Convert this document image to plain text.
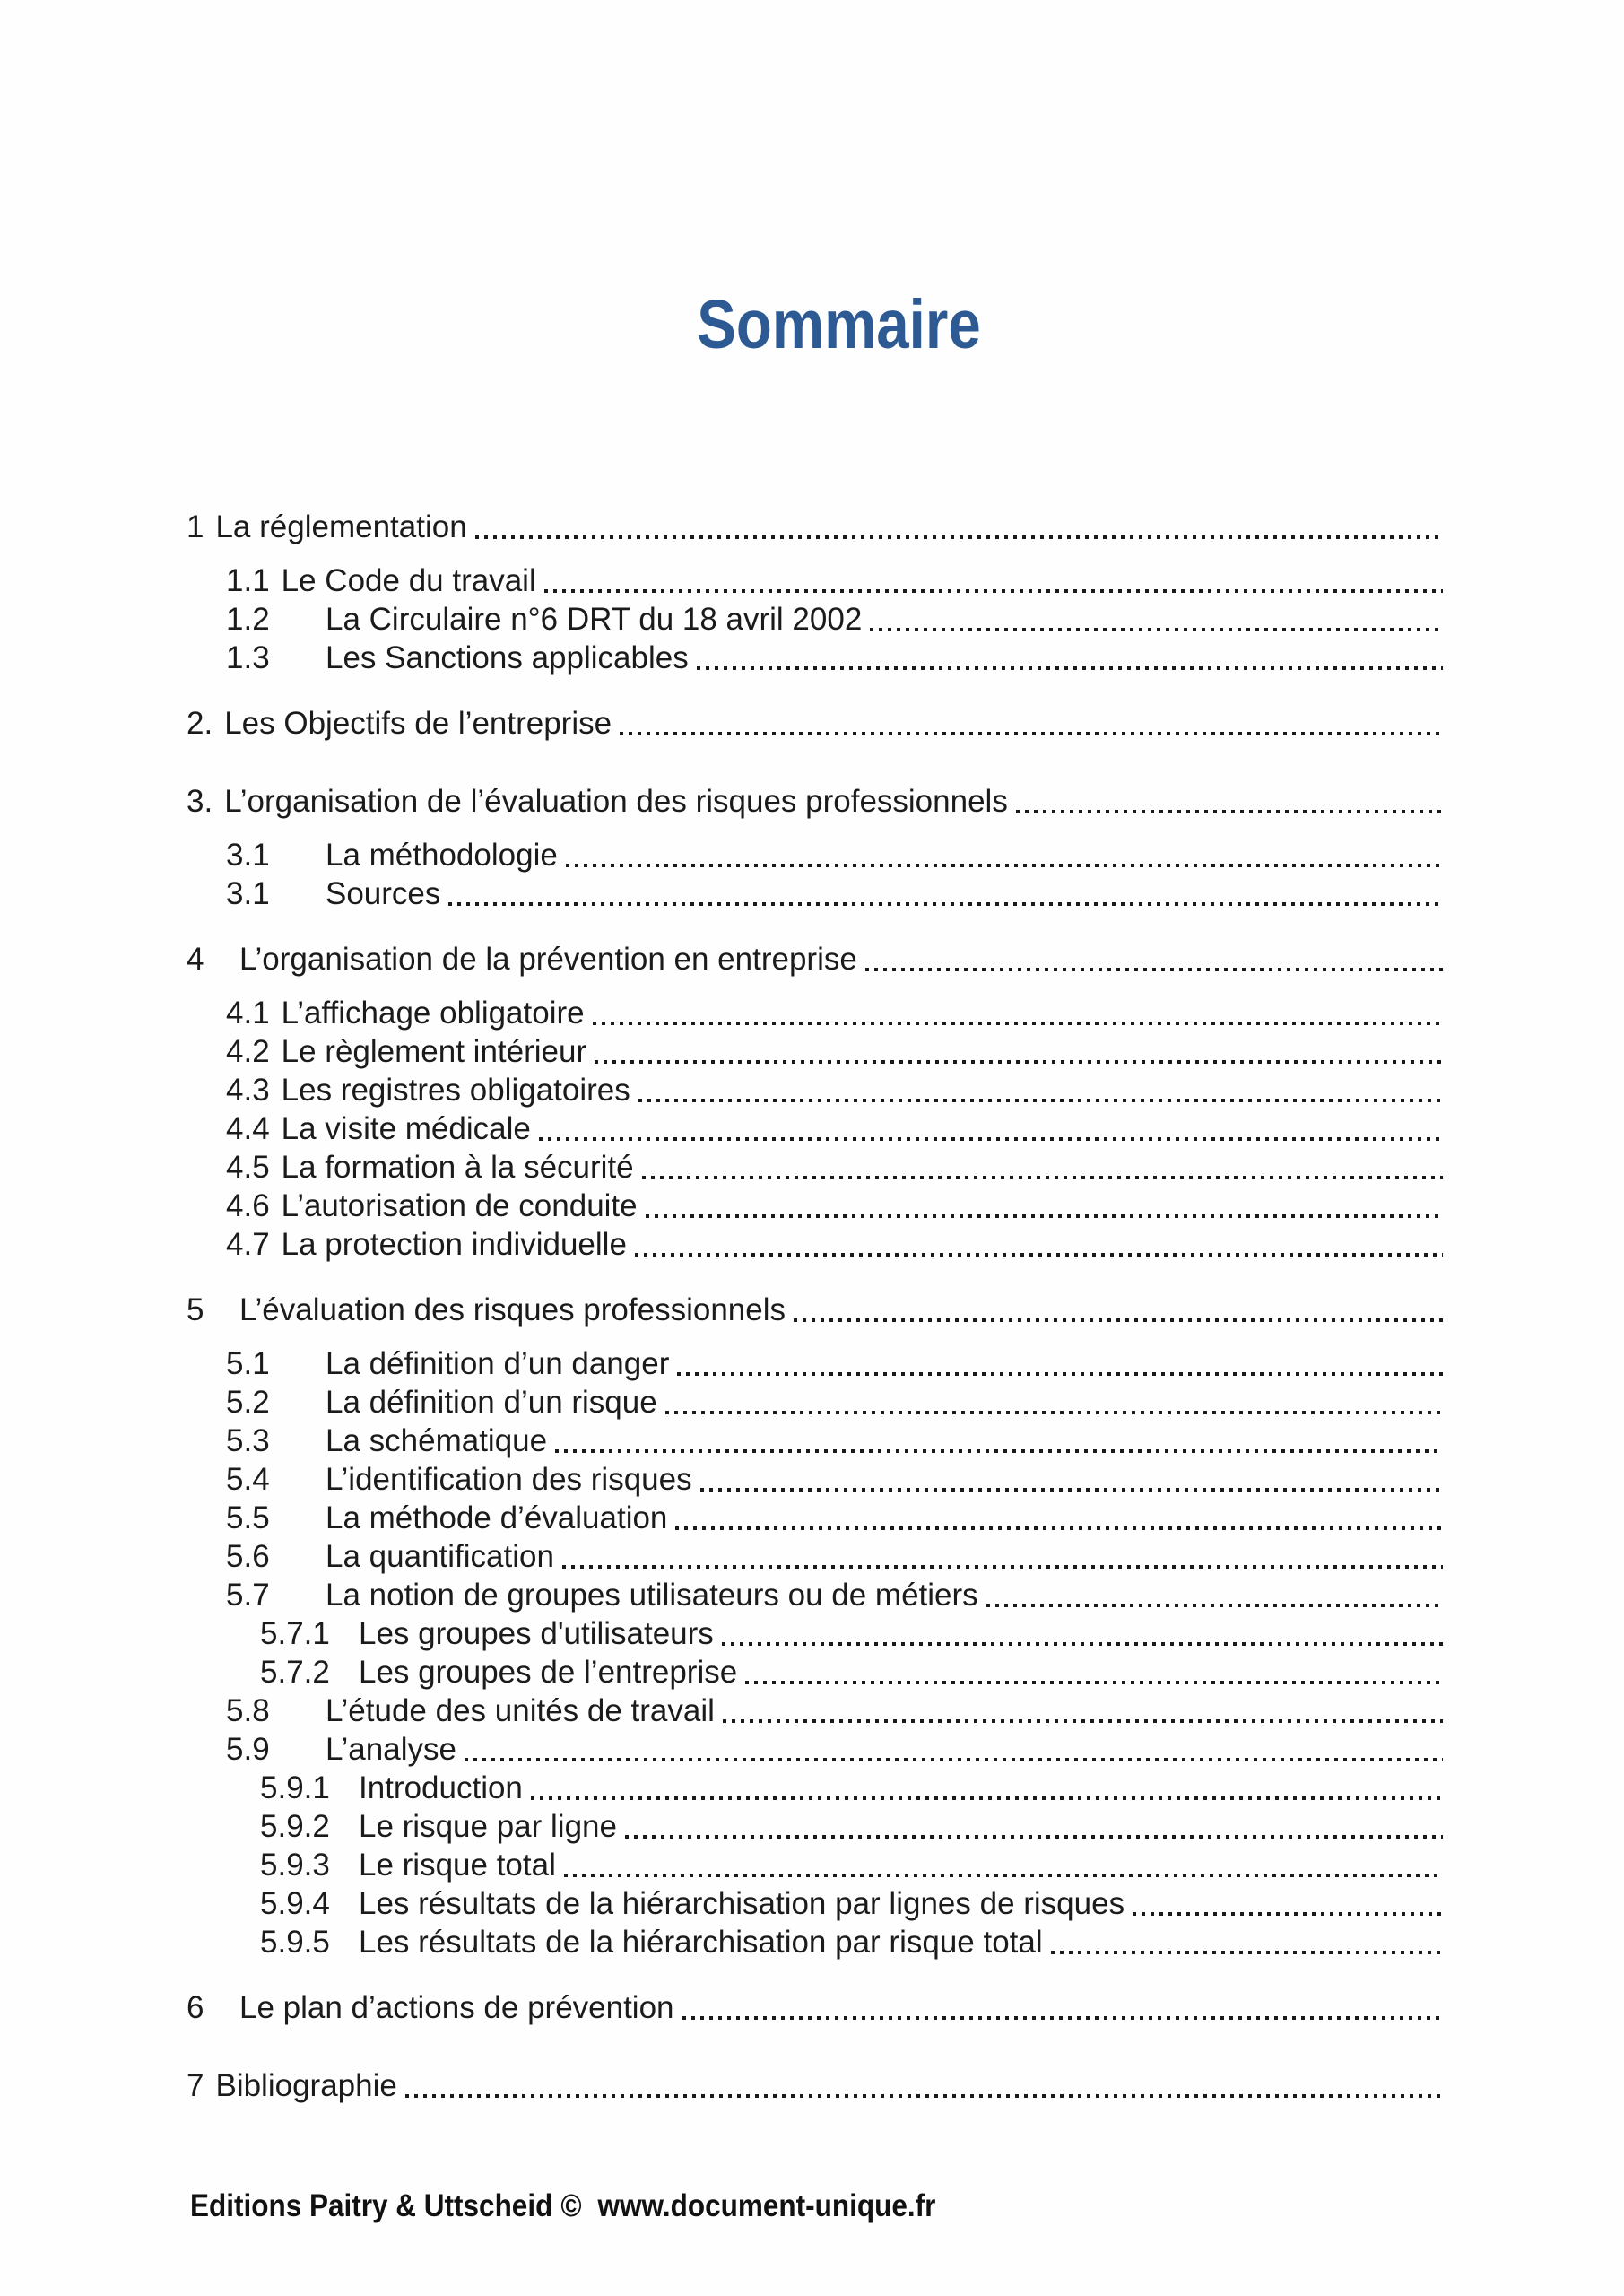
Sommaire
1 La réglementation
1.1 Le Code du travail
1.2	La Circulaire n°6 DRT du 18 avril 2002
1.3	Les Sanctions applicables
2. Les Objectifs de l’entreprise
3. L’organisation de l’évaluation des risques professionnels
3.1	La méthodologie
3.1	Sources
4	L’organisation de la prévention en entreprise
4.1 L’affichage obligatoire
4.2 Le règlement intérieur
4.3 Les registres obligatoires
4.4 La visite médicale
4.5 La formation à la sécurité
4.6 L’autorisation de conduite
4.7 La protection individuelle
5	L’évaluation des risques professionnels
5.1	La définition d’un danger
5.2	La définition d’un risque
5.3	La schématique
5.4	L’identification des risques
5.5	La méthode d’évaluation
5.6	La quantification
5.7	La notion de groupes utilisateurs ou de métiers
5.7.1 Les groupes d'utilisateurs
5.7.2 Les groupes de l’entreprise
5.8	L’étude des unités de travail
5.9	L’analyse
5.9.1 Introduction
5.9.2 Le risque par ligne
5.9.3 Le risque total
5.9.4 Les résultats de la hiérarchisation par lignes de risques
5.9.5 Les résultats de la hiérarchisation par risque total
6	Le plan d’actions de prévention
7 Bibliographie
Editions Paitry & Uttscheid © www.document-unique.fr
